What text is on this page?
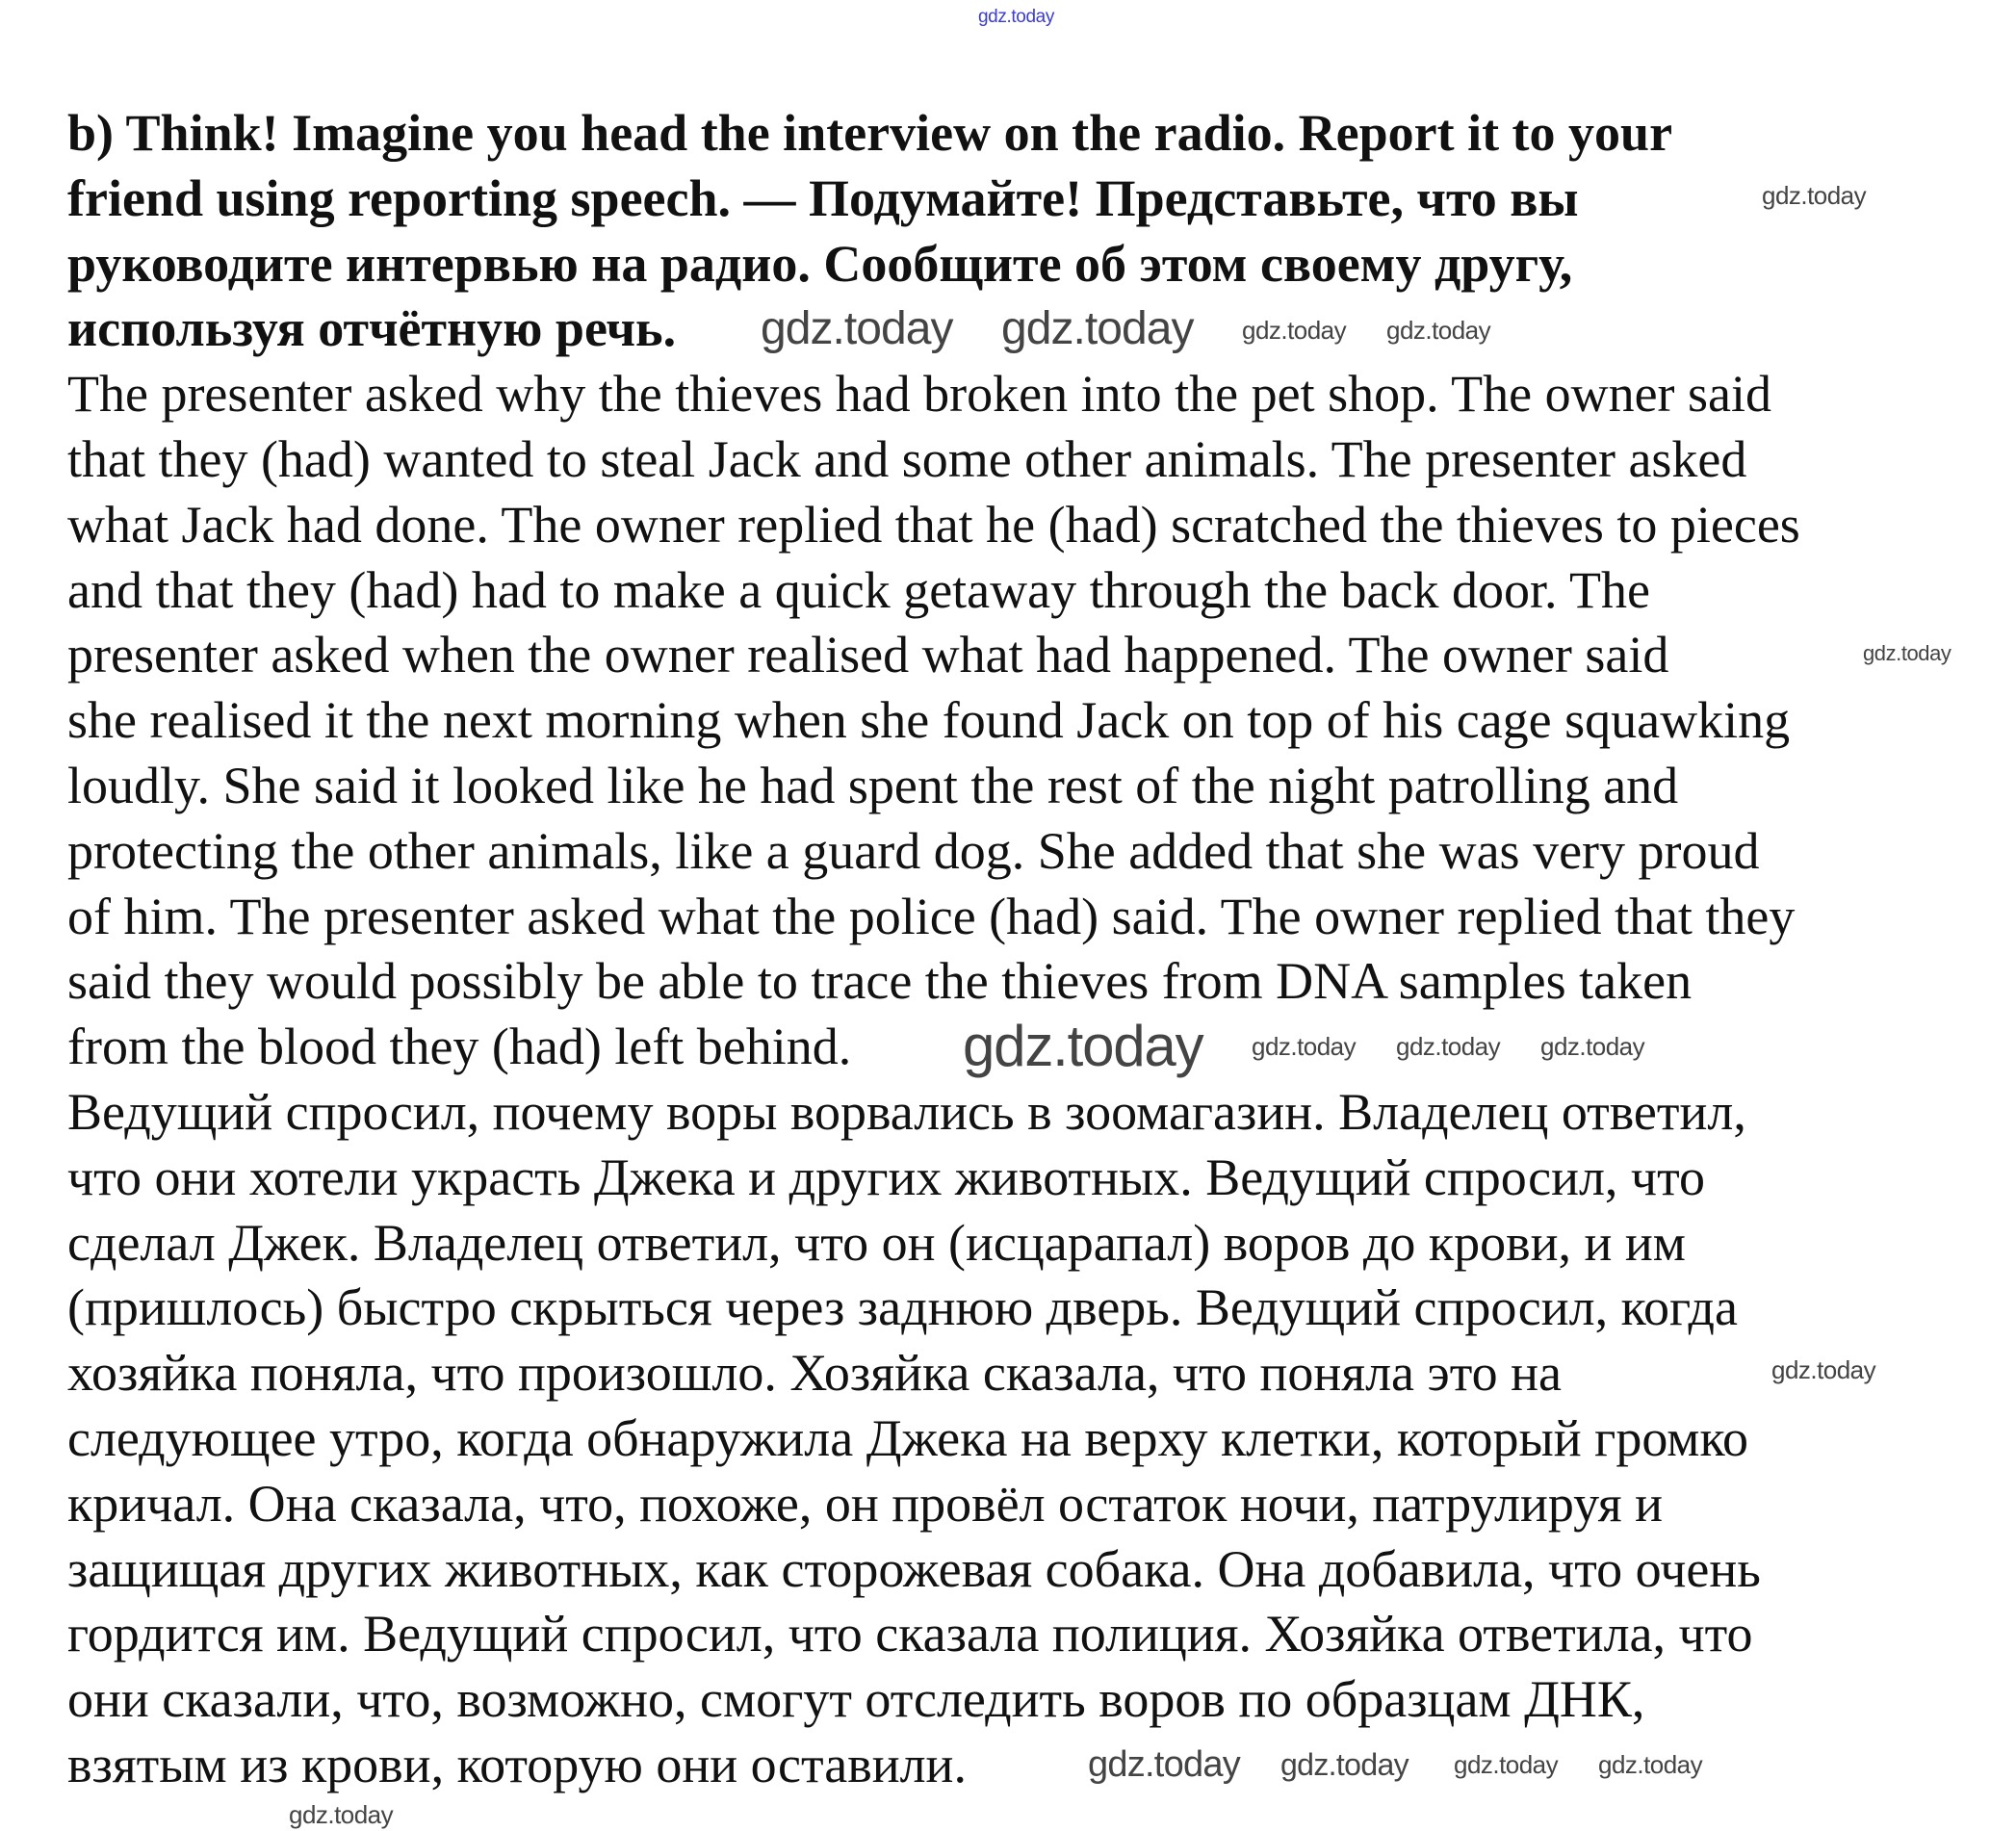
b) Think! Imagine you head the interview on the radio. Report it to your
friend using reporting speech. — Подумайте! Представьте, что вы
руководите интервью на радио. Сообщите об этом своему другу,
используя отчётную речь.
The presenter asked why the thieves had broken into the pet shop. The owner said
that they (had) wanted to steal Jack and some other animals. The presenter asked
what Jack had done. The owner replied that he (had) scratched the thieves to pieces
and that they (had) had to make a quick getaway through the back door. The
presenter asked when the owner realised what had happened. The owner said
she realised it the next morning when she found Jack on top of his cage squawking
loudly. She said it looked like he had spent the rest of the night patrolling and
protecting the other animals, like a guard dog. She added that she was very proud
of him. The presenter asked what the police (had) said. The owner replied that they
said they would possibly be able to trace the thieves from DNA samples taken
from the blood they (had) left behind.
Ведущий спросил, почему воры ворвались в зоомагазин. Владелец ответил,
что они хотели украсть Джека и других животных. Ведущий спросил, что
сделал Джек. Владелец ответил, что он (исцарапал) воров до крови, и им
(пришлось) быстро скрыться через заднюю дверь. Ведущий спросил, когда
хозяйка поняла, что произошло. Хозяйка сказала, что поняла это на
следующее утро, когда обнаружила Джека на верху клетки, который громко
кричал. Она сказала, что, похоже, он провёл остаток ночи, патрулируя и
защищая других животных, как сторожевая собака. Она добавила, что очень
гордится им. Ведущий спросил, что сказала полиция. Хозяйка ответила, что
они сказали, что, возможно, смогут отследить воров по образцам ДНК,
взятым из крови, которую они оставили.
gdz.today
gdz.today
gdz.today gdz.today gdz.today gdz.today
gdz.today
gdz.today gdz.today gdz.today gdz.today
gdz.today
gdz.today gdz.today gdz.today gdz.today
gdz.today
